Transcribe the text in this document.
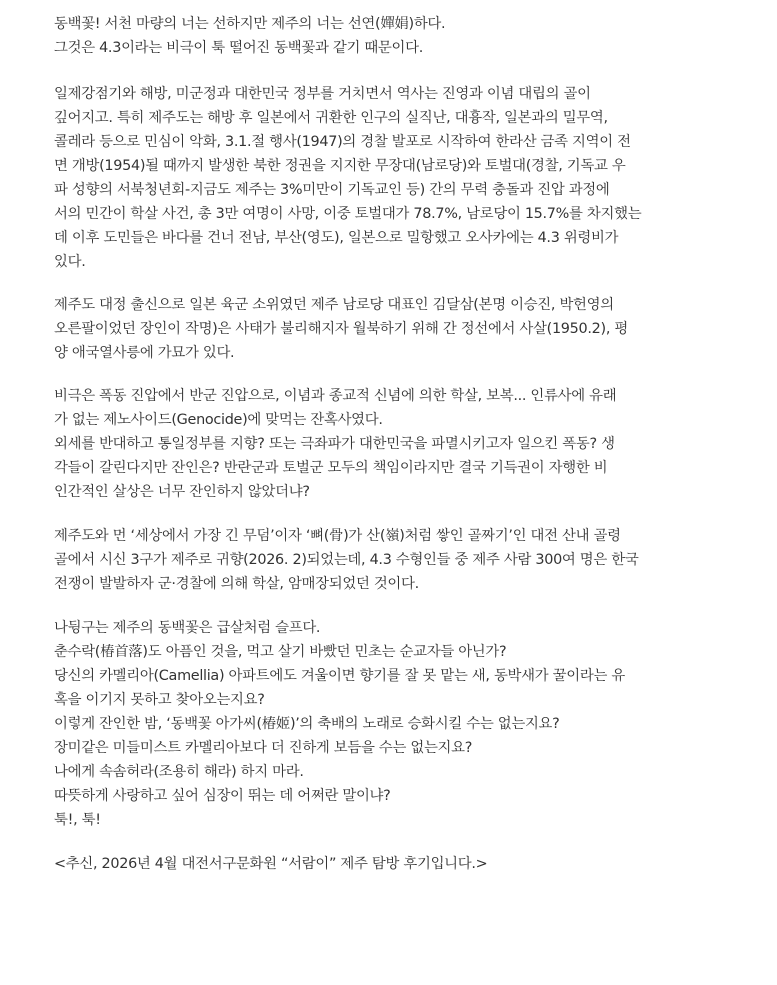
동백꽃! 서천 마량의 너는 선하지만 제주의 너는 선연(嬋娟)하다.
그것은 4.3이라는 비극이 툭 떨어진 동백꽃과 같기 때문이다.
일제강점기와 해방, 미군정과 대한민국 정부를 거치면서 역사는 진영과 이념 대립의 골이
깊어지고. 특히 제주도는 해방 후 일본에서 귀환한 인구의 실직난, 대흉작, 일본과의 밀무역,
콜레라 등으로 민심이 악화, 3.1.절 행사(1947)의 경찰 발포로 시작하여 한라산 금족 지역이 전
면 개방(1954)될 때까지 발생한 북한 정권을 지지한 무장대(남로당)와 토벌대(경찰, 기독교 우
파 성향의 서북청년회-지금도 제주는 3%미만이 기독교인 등) 간의 무력 충돌과 진압 과정에
서의 민간이 학살 사건, 총 3만 여명이 사망, 이중 토벌대가 78.7%, 남로당이 15.7%를 차지했는
데 이후 도민들은 바다를 건너 전남, 부산(영도), 일본으로 밀항했고 오사카에는 4.3 위령비가
있다.
제주도 대정 출신으로 일본 육군 소위였던 제주 남로당 대표인 김달삼(본명 이승진, 박헌영의
오른팔이었던 장인이 작명)은 사태가 불리해지자 월북하기 위해 간 정선에서 사살(1950.2), 평
양 애국열사릉에 가묘가 있다.
비극은 폭동 진압에서 반군 진압으로, 이념과 종교적 신념에 의한 학살, 보복... 인류사에 유래
가 없는 제노사이드(Genocide)에 맞먹는 잔혹사였다.
외세를 반대하고 통일정부를 지향? 또는 극좌파가 대한민국을 파멸시키고자 일으킨 폭동? 생
각들이 갈린다지만 잔인은? 반란군과 토벌군 모두의 책임이라지만 결국 기득권이 자행한 비
인간적인 살상은 너무 잔인하지 않았더냐?
제주도와 먼 ‘세상에서 가장 긴 무덤’이자 ‘뼈(骨)가 산(嶺)처럼 쌓인 골짜기’인 대전 산내 골령
골에서 시신 3구가 제주로 귀향(2026. 2)되었는데, 4.3 수형인들 중 제주 사람 300여 명은 한국
전쟁이 발발하자 군·경찰에 의해 학살, 암매장되었던 것이다.
나뒹구는 제주의 동백꽃은 급살처럼 슬프다.
춘수락(椿首落)도 아픔인 것을, 먹고 살기 바빴던 민초는 순교자들 아닌가?
당신의 카멜리아(Camellia) 아파트에도 겨울이면 향기를 잘 못 맡는 새, 동박새가 꿀이라는 유
혹을 이기지 못하고 찾아오는지요?
이렇게 잔인한 밤, ‘동백꽃 아가씨(椿姬)’의 축배의 노래로 승화시킬 수는 없는지요?
장미같은 미들미스트 카멜리아보다 더 진하게 보듬을 수는 없는지요?
나에게 속솜허라(조용히 해라) 하지 마라.
따뜻하게 사랑하고 싶어 심장이 뛰는 데 어쩌란 말이냐?
툭!, 툭!
<추신, 2026년 4월 대전서구문화원 “서람이” 제주 탐방 후기입니다.>
